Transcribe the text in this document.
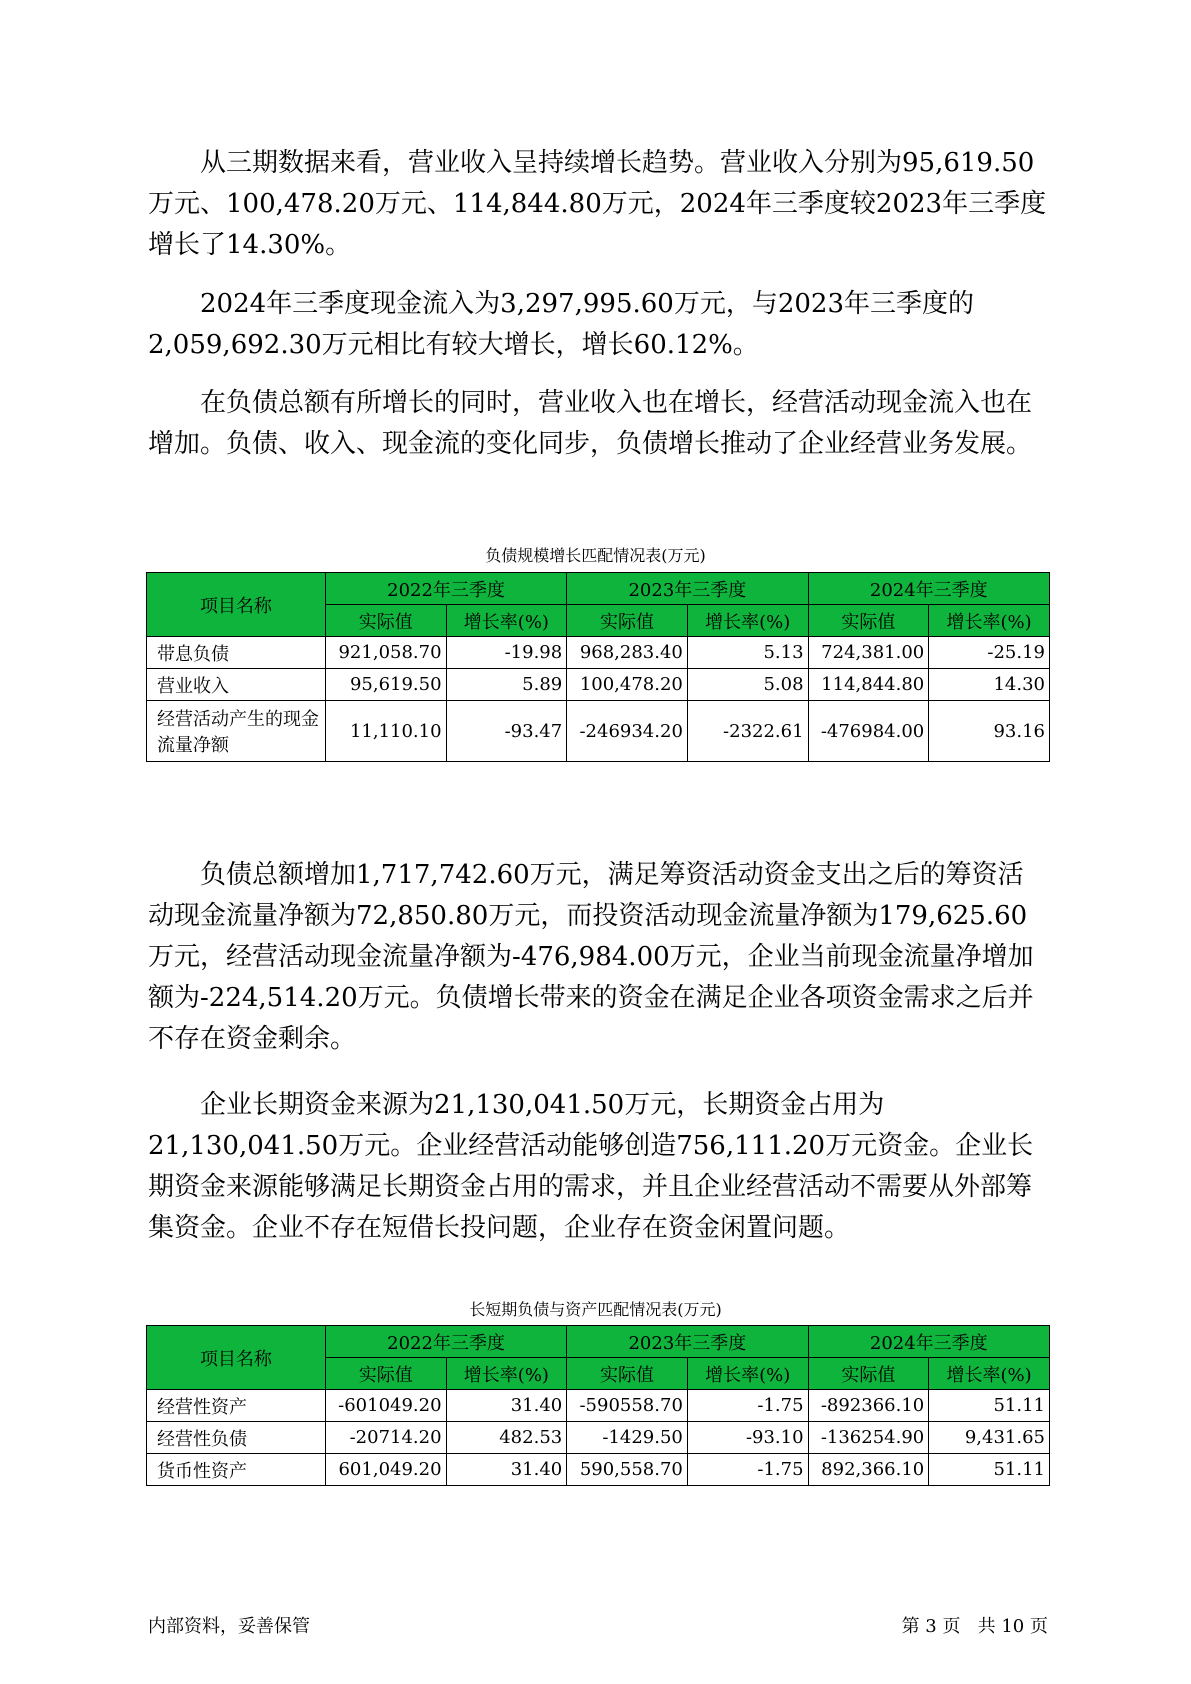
从三期数据来看，营业收入呈持续增长趋势。营业收入分别为95,619.50万元、100,478.20万元、114,844.80万元，2024年三季度较2023年三季度增长了14.30%。

2024年三季度现金流入为3,297,995.60万元，与2023年三季度的2,059,692.30万元相比有较大增长，增长60.12%。

在负债总额有所增长的同时，营业收入也在增长，经营活动现金流入也在增加。负债、收入、现金流的变化同步，负债增长推动了企业经营业务发展。

负债规模增长匹配情况表(万元)
项目名称	2022年三季度		2023年三季度		2024年三季度	
	实际值	增长率(%)	实际值	增长率(%)	实际值	增长率(%)
带息负债	921,058.70	-19.98	968,283.40	5.13	724,381.00	-25.19
营业收入	95,619.50	5.89	100,478.20	5.08	114,844.80	14.30
经营活动产生的现金流量净额	11,110.10	-93.47	-246934.20	-2322.61	-476984.00	93.16

负债总额增加1,717,742.60万元，满足筹资活动资金支出之后的筹资活动现金流量净额为72,850.80万元，而投资活动现金流量净额为179,625.60万元，经营活动现金流量净额为-476,984.00万元，企业当前现金流量净增加额为-224,514.20万元。负债增长带来的资金在满足企业各项资金需求之后并不存在资金剩余。

企业长期资金来源为21,130,041.50万元，长期资金占用为21,130,041.50万元。企业经营活动能够创造756,111.20万元资金。企业长期资金来源能够满足长期资金占用的需求，并且企业经营活动不需要从外部筹集资金。企业不存在短借长投问题，企业存在资金闲置问题。

长短期负债与资产匹配情况表(万元)
项目名称	2022年三季度		2023年三季度		2024年三季度	
	实际值	增长率(%)	实际值	增长率(%)	实际值	增长率(%)
经营性资产	-601049.20	31.40	-590558.70	-1.75	-892366.10	51.11
经营性负债	-20714.20	482.53	-1429.50	-93.10	-136254.90	9,431.65
货币性资产	601,049.20	31.40	590,558.70	-1.75	892,366.10	51.11
内部资料，妥善保管	第 3 页   共 10 页
